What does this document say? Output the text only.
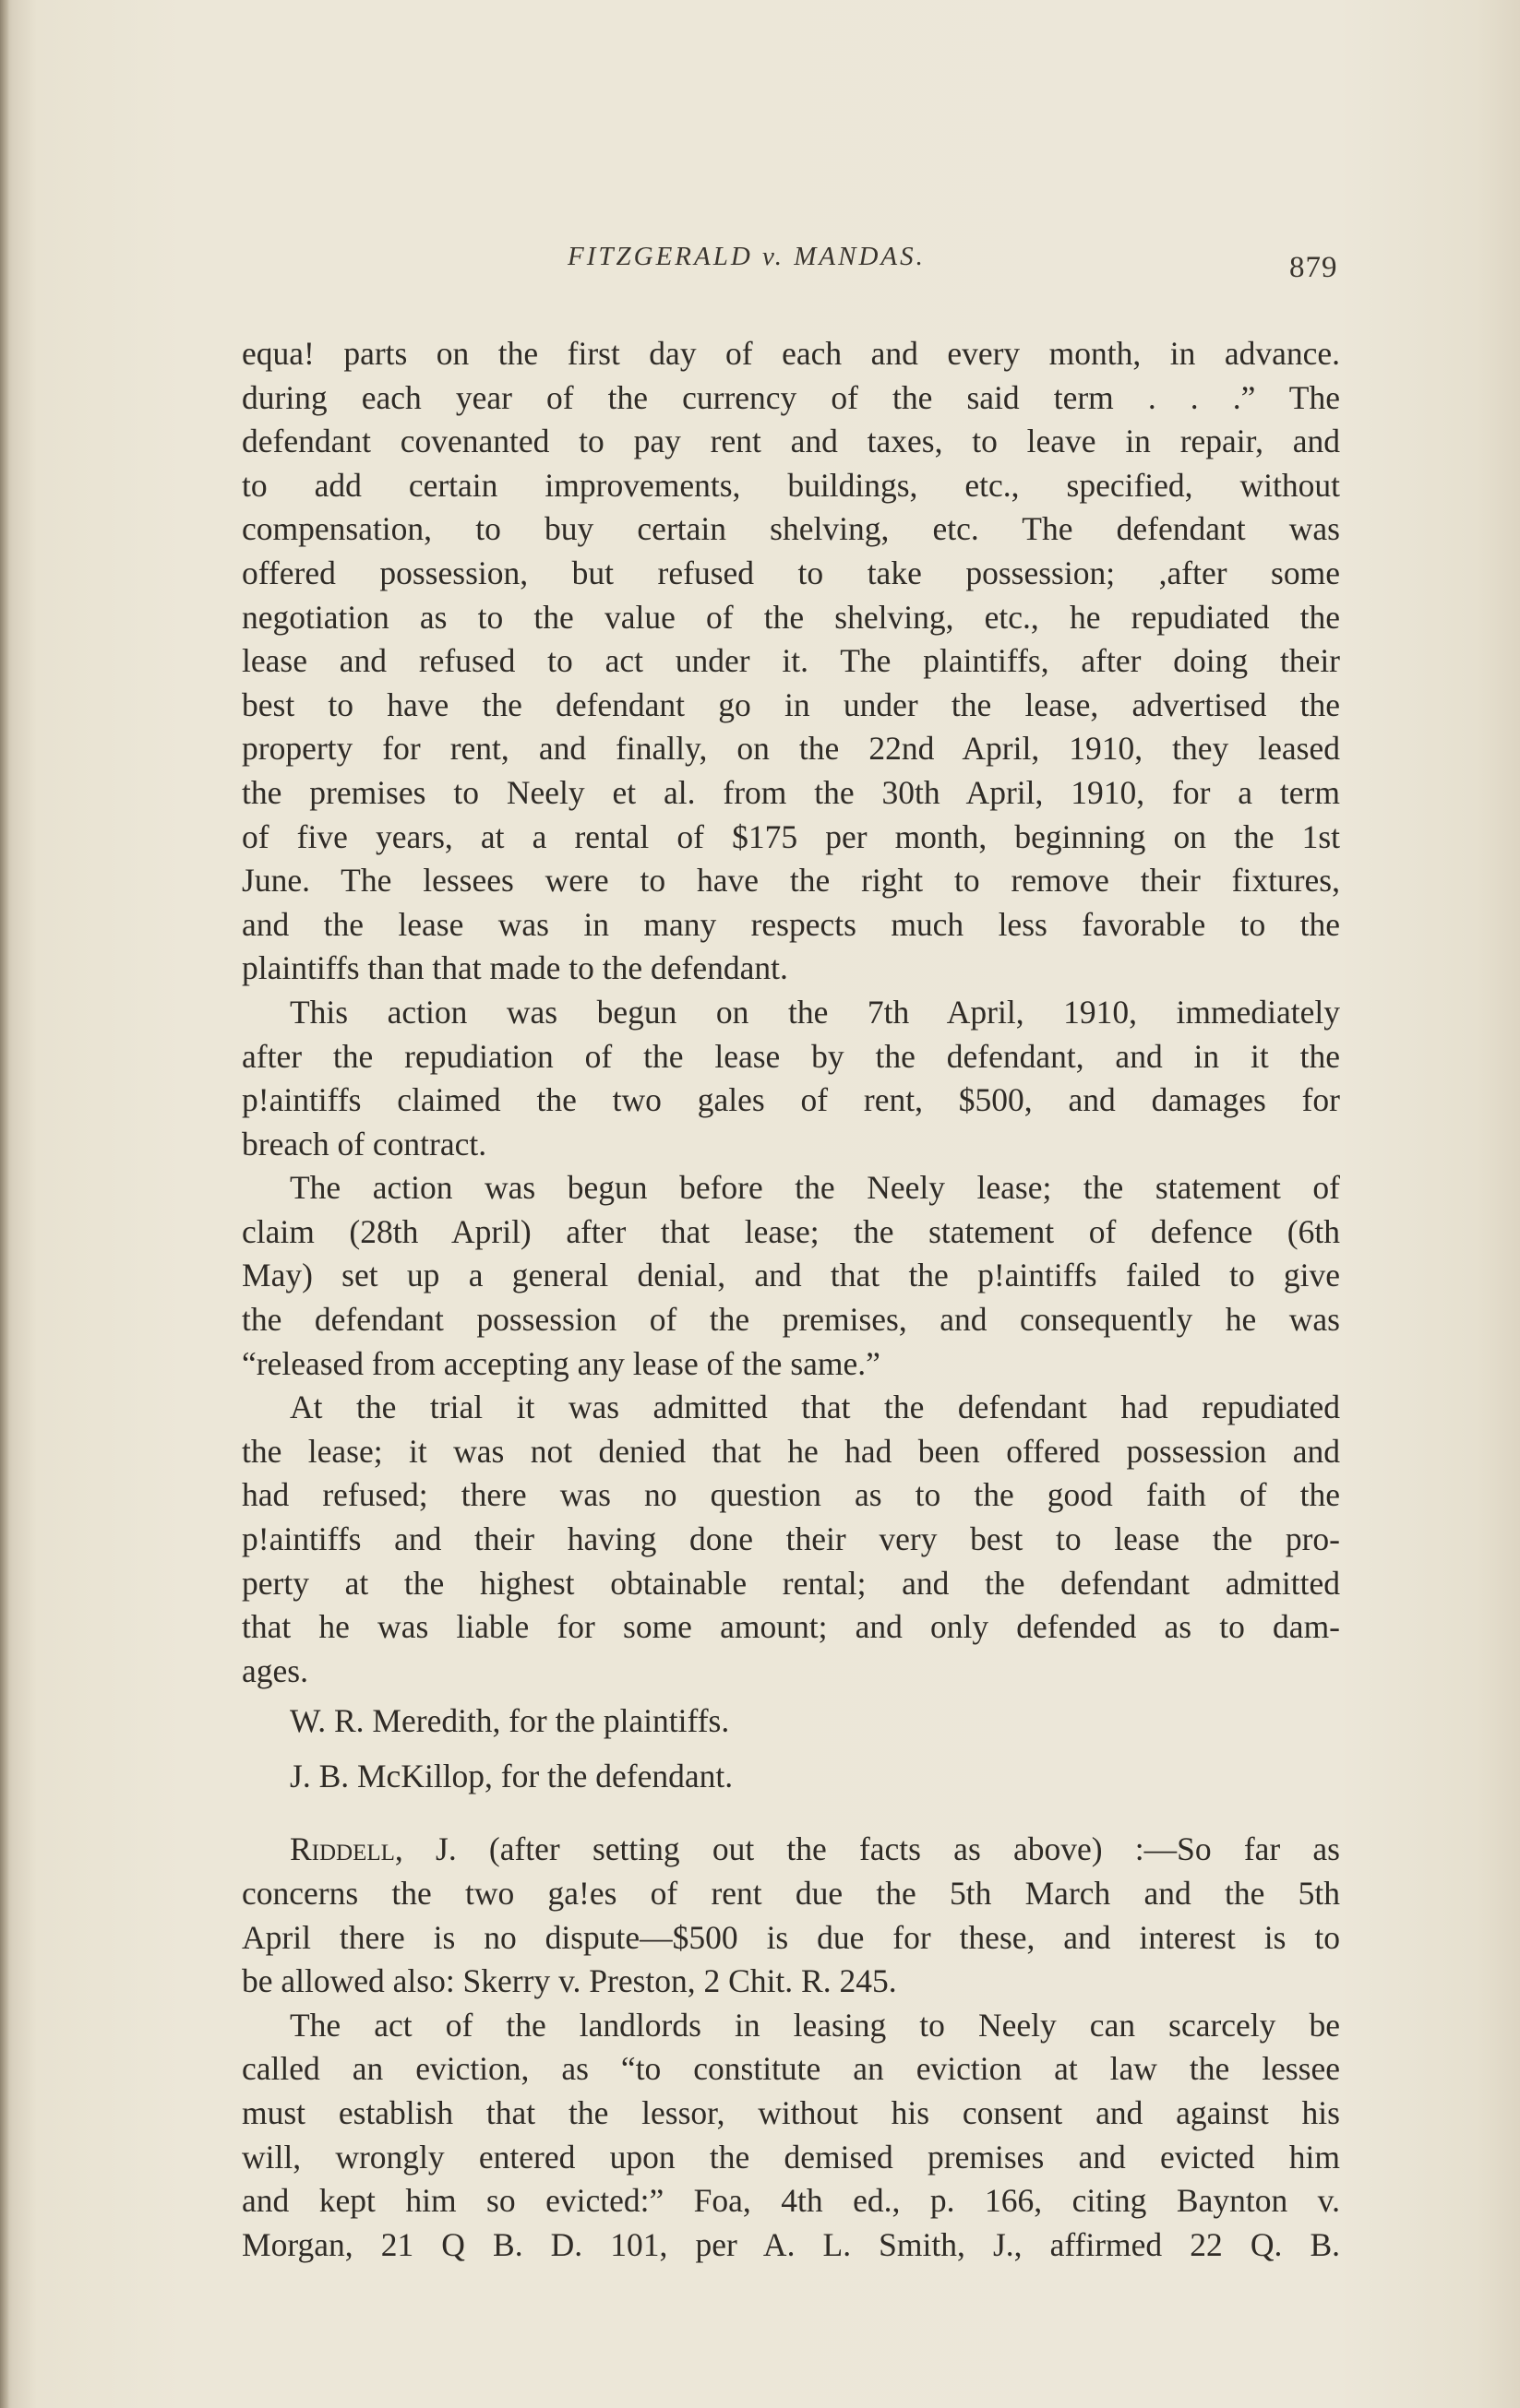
FITZGERALD v. MANDAS.	879
equa! parts on the first day of each and every month, in advance.
during each year of the currency of the said term . . .” The
defendant covenanted to pay rent and taxes, to leave in repair, and
to add certain improvements, buildings, etc., specified, without
compensation, to buy certain shelving, etc. The defendant was
offered possession, but refused to take possession; ,after some
negotiation as to the value of the shelving, etc., he repudiated the
lease and refused to act under it. The plaintiffs, after doing their
best to have the defendant go in under the lease, advertised the
property for rent, and finally, on the 22nd April, 1910, they leased
the premises to Neely et al. from the 30th April, 1910, for a term
of five years, at a rental of $175 per month, beginning on the 1st
June. The lessees were to have the right to remove their fixtures,
and the lease was in many respects much less favorable to the
plaintiffs than that made to the defendant.
This action was begun on the 7th April, 1910, immediately
after the repudiation of the lease by the defendant, and in it the
p!aintiffs claimed the two gales of rent, $500, and damages for
breach of contract.
The action was begun before the Neely lease; the statement of
claim (28th April) after that lease; the statement of defence (6th
May) set up a general denial, and that the p!aintiffs failed to give
the defendant possession of the premises, and consequently he was
“released from accepting any lease of the same.”
At the trial it was admitted that the defendant had repudiated
the lease; it was not denied that he had been offered possession and
had refused; there was no question as to the good faith of the
p!aintiffs and their having done their very best to lease the pro-
perty at the highest obtainable rental; and the defendant admitted
that he was liable for some amount; and only defended as to dam-
ages.
W. R. Meredith, for the plaintiffs.
J. B. McKillop, for the defendant.
Riddell, J. (after setting out the facts as above) :—So far as
concerns the two ga!es of rent due the 5th March and the 5th
April there is no dispute—$500 is due for these, and interest is to
be allowed also: Skerry v. Preston, 2 Chit. R. 245.
The act of the landlords in leasing to Neely can scarcely be
called an eviction, as “to constitute an eviction at law the lessee
must establish that the lessor, without his consent and against his
will, wrongly entered upon the demised premises and evicted him
and kept him so evicted:” Foa, 4th ed., p. 166, citing Baynton v.
Morgan, 21 Q B. D. 101, per A. L. Smith, J., affirmed 22 Q. B.
